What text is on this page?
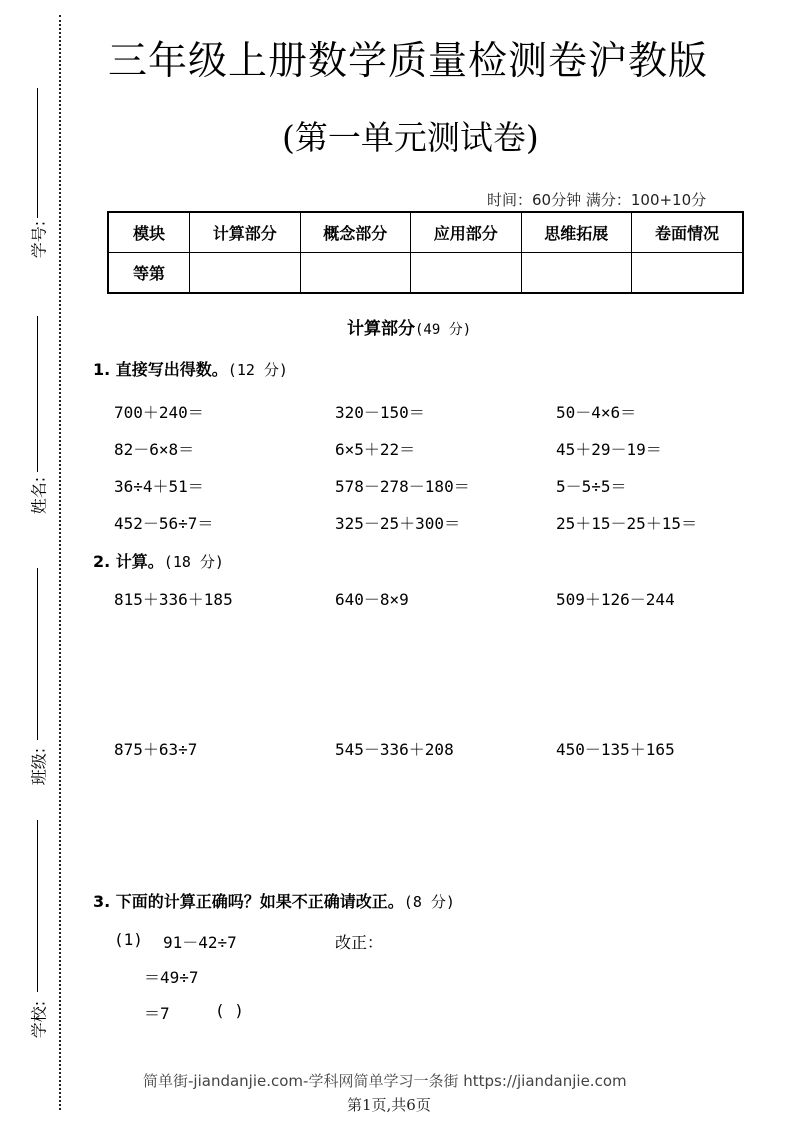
学号:
姓名:
班级:
学校:
三年级上册数学质量检测卷沪教版
(第一单元测试卷)
时间：60分钟 满分：100+10分
模块	计算部分	概念部分	应用部分	思维拓展	卷面情况
等第					
计算部分(49 分)
1. 直接写出得数。(12 分)
700＋240＝	320－150＝	50－4×6＝
82－6×8＝	6×5＋22＝	45＋29－19＝
36÷4＋51＝	578－278－180＝	5－5÷5＝
452－56÷7＝	325－25＋300＝	25＋15－25＋15＝
2. 计算。(18 分)
815＋336＋185	640－8×9	509＋126－244
875＋63÷7	545－336＋208	450－135＋165
3. 下面的计算正确吗？如果不正确请改正。(8 分)
(1) 91－42÷7	改正：
＝49÷7
＝7	( )
简单街-jiandanjie.com-学科网简单学习一条街 https://jiandanjie.com
第1页,共6页
